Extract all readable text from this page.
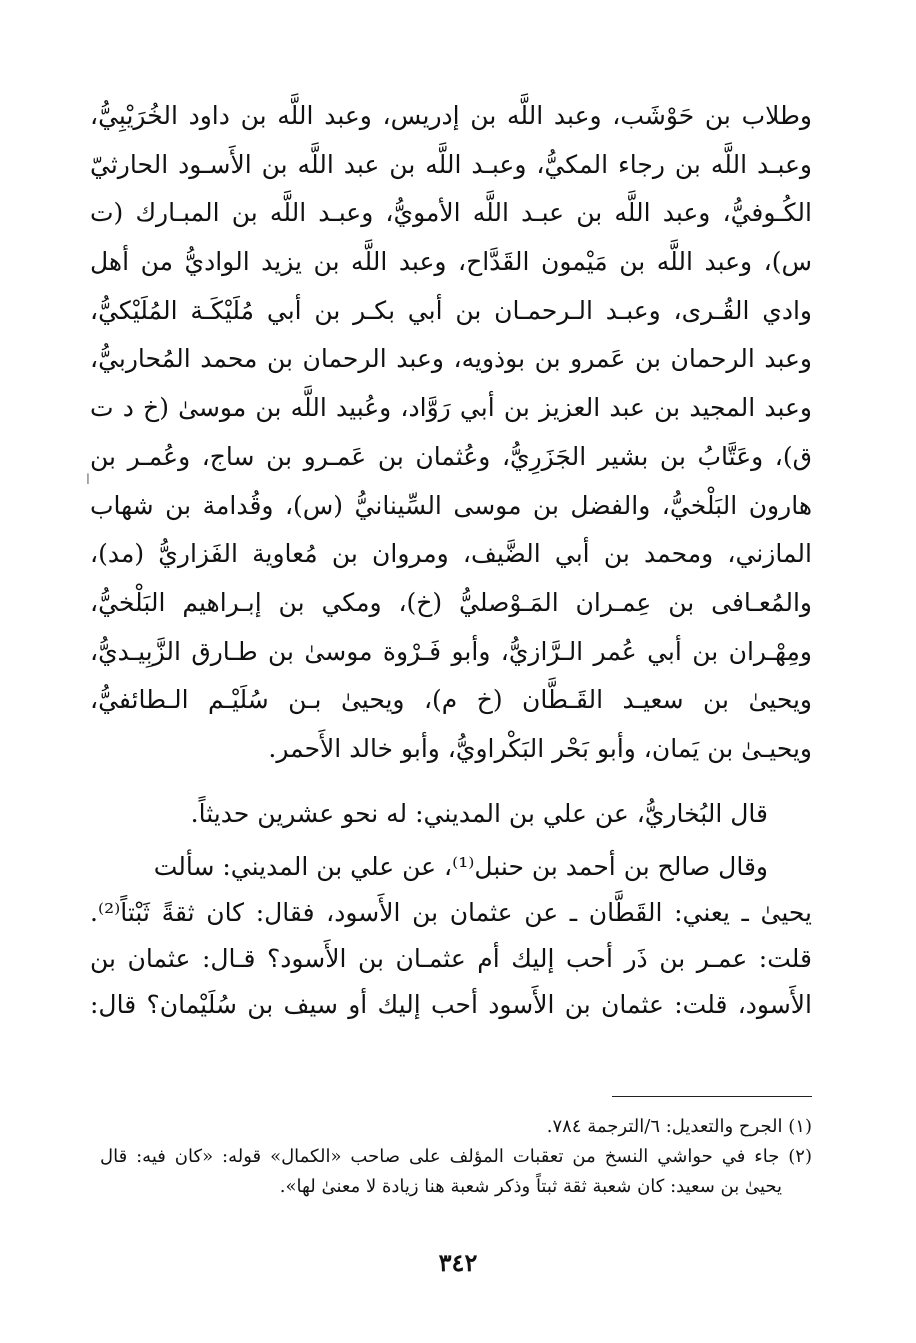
وطلاب بن حَوْشَب، وعبد اللَّه بن إدريس، وعبد اللَّه بن داود الخُرَيْبِيُّ،
وعبـد اللَّه بن رجاء المكيُّ، وعبـد اللَّه بن عبد اللَّه بن الأَسـود الحارثيّ
الكُـوفيُّ، وعبد اللَّه بن عبـد اللَّه الأمويُّ، وعبـد اللَّه بن المبـارك (ت
س)، وعبد اللَّه بن مَيْمون القَدَّاح، وعبد اللَّه بن يزيد الواديُّ من أهل
وادي القُـرى، وعبـد الـرحمـان بن أبي بكـر بن أبي مُلَيْكَـة المُلَيْكيُّ،
وعبد الرحمان بن عَمرو بن بوذويه، وعبد الرحمان بن محمد المُحاربيُّ،
وعبد المجيد بن عبد العزيز بن أبي رَوَّاد، وعُبيد اللَّه بن موسىٰ (خ د ت
ق)، وعَتَّابُ بن بشير الجَزَرِيُّ، وعُثمان بن عَمـرو بن ساج، وعُمـر بن
هارون البَلْخيُّ، والفضل بن موسى السِّينانيُّ (س)، وقُدامة بن شهاب
المازني، ومحمد بن أبي الضَّيف، ومروان بن مُعاوية الفَزاريُّ (مد)،
والمُعـافى بن عِمـران المَـوْصليُّ (خ)، ومكي بن إبـراهيم البَلْخيُّ،
ومِهْـران بن أبي عُمر الـرَّازيُّ، وأبو فَـرْوة موسىٰ بن طـارق الزَّبِيـديُّ،
ويحيىٰ بن سعيـد القَـطَّان (خ م)، ويحيىٰ بـن سُلَيْـم الـطائفيُّ،
ويحيـىٰ بن يَمان، وأبو بَحْر البَكْراويُّ، وأبو خالد الأَحمر.
ا
قال البُخاريُّ، عن علي بن المديني: له نحو عشرين حديثاً.
وقال صالح بن أحمد بن حنبل⁽¹⁾، عن علي بن المديني: سألت
يحيىٰ ـ يعني: القَطَّان ـ عن عثمان بن الأَسود، فقال: كان ثقةً ثَبْتاً⁽²⁾.
قلت: عمـر بن ذَر أحب إليك أم عثمـان بن الأَسود؟ قـال: عثمان بن
الأَسود، قلت: عثمان بن الأَسود أحب إليك أو سيف بن سُلَيْمان؟ قال:
(١) الجرح والتعديل: ٦/الترجمة ٧٨٤.
(٢) جاء في حواشي النسخ من تعقبات المؤلف على صاحب «الكمال» قوله: «كان فيه: قال
يحيىٰ بن سعيد: كان شعبة ثقة ثبتاً وذكر شعبة هنا زيادة لا معنىٰ لها».
٣٤٢
